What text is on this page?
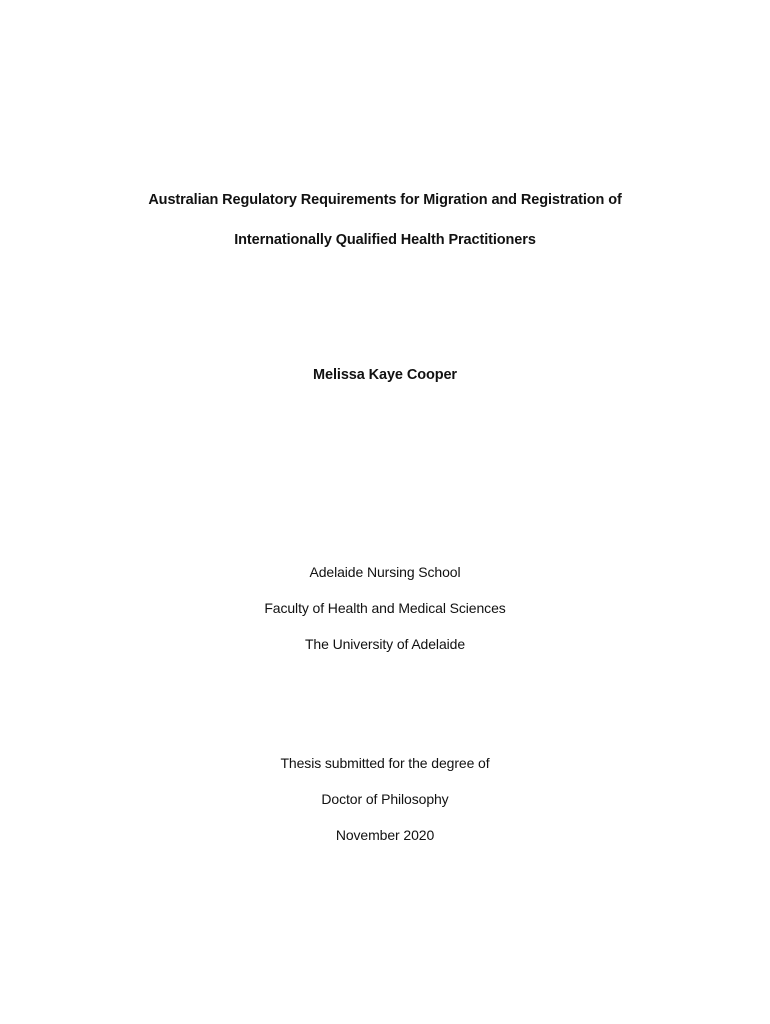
Australian Regulatory Requirements for Migration and Registration of
Internationally Qualified Health Practitioners
Melissa Kaye Cooper
Adelaide Nursing School
Faculty of Health and Medical Sciences
The University of Adelaide
Thesis submitted for the degree of
Doctor of Philosophy
November 2020
